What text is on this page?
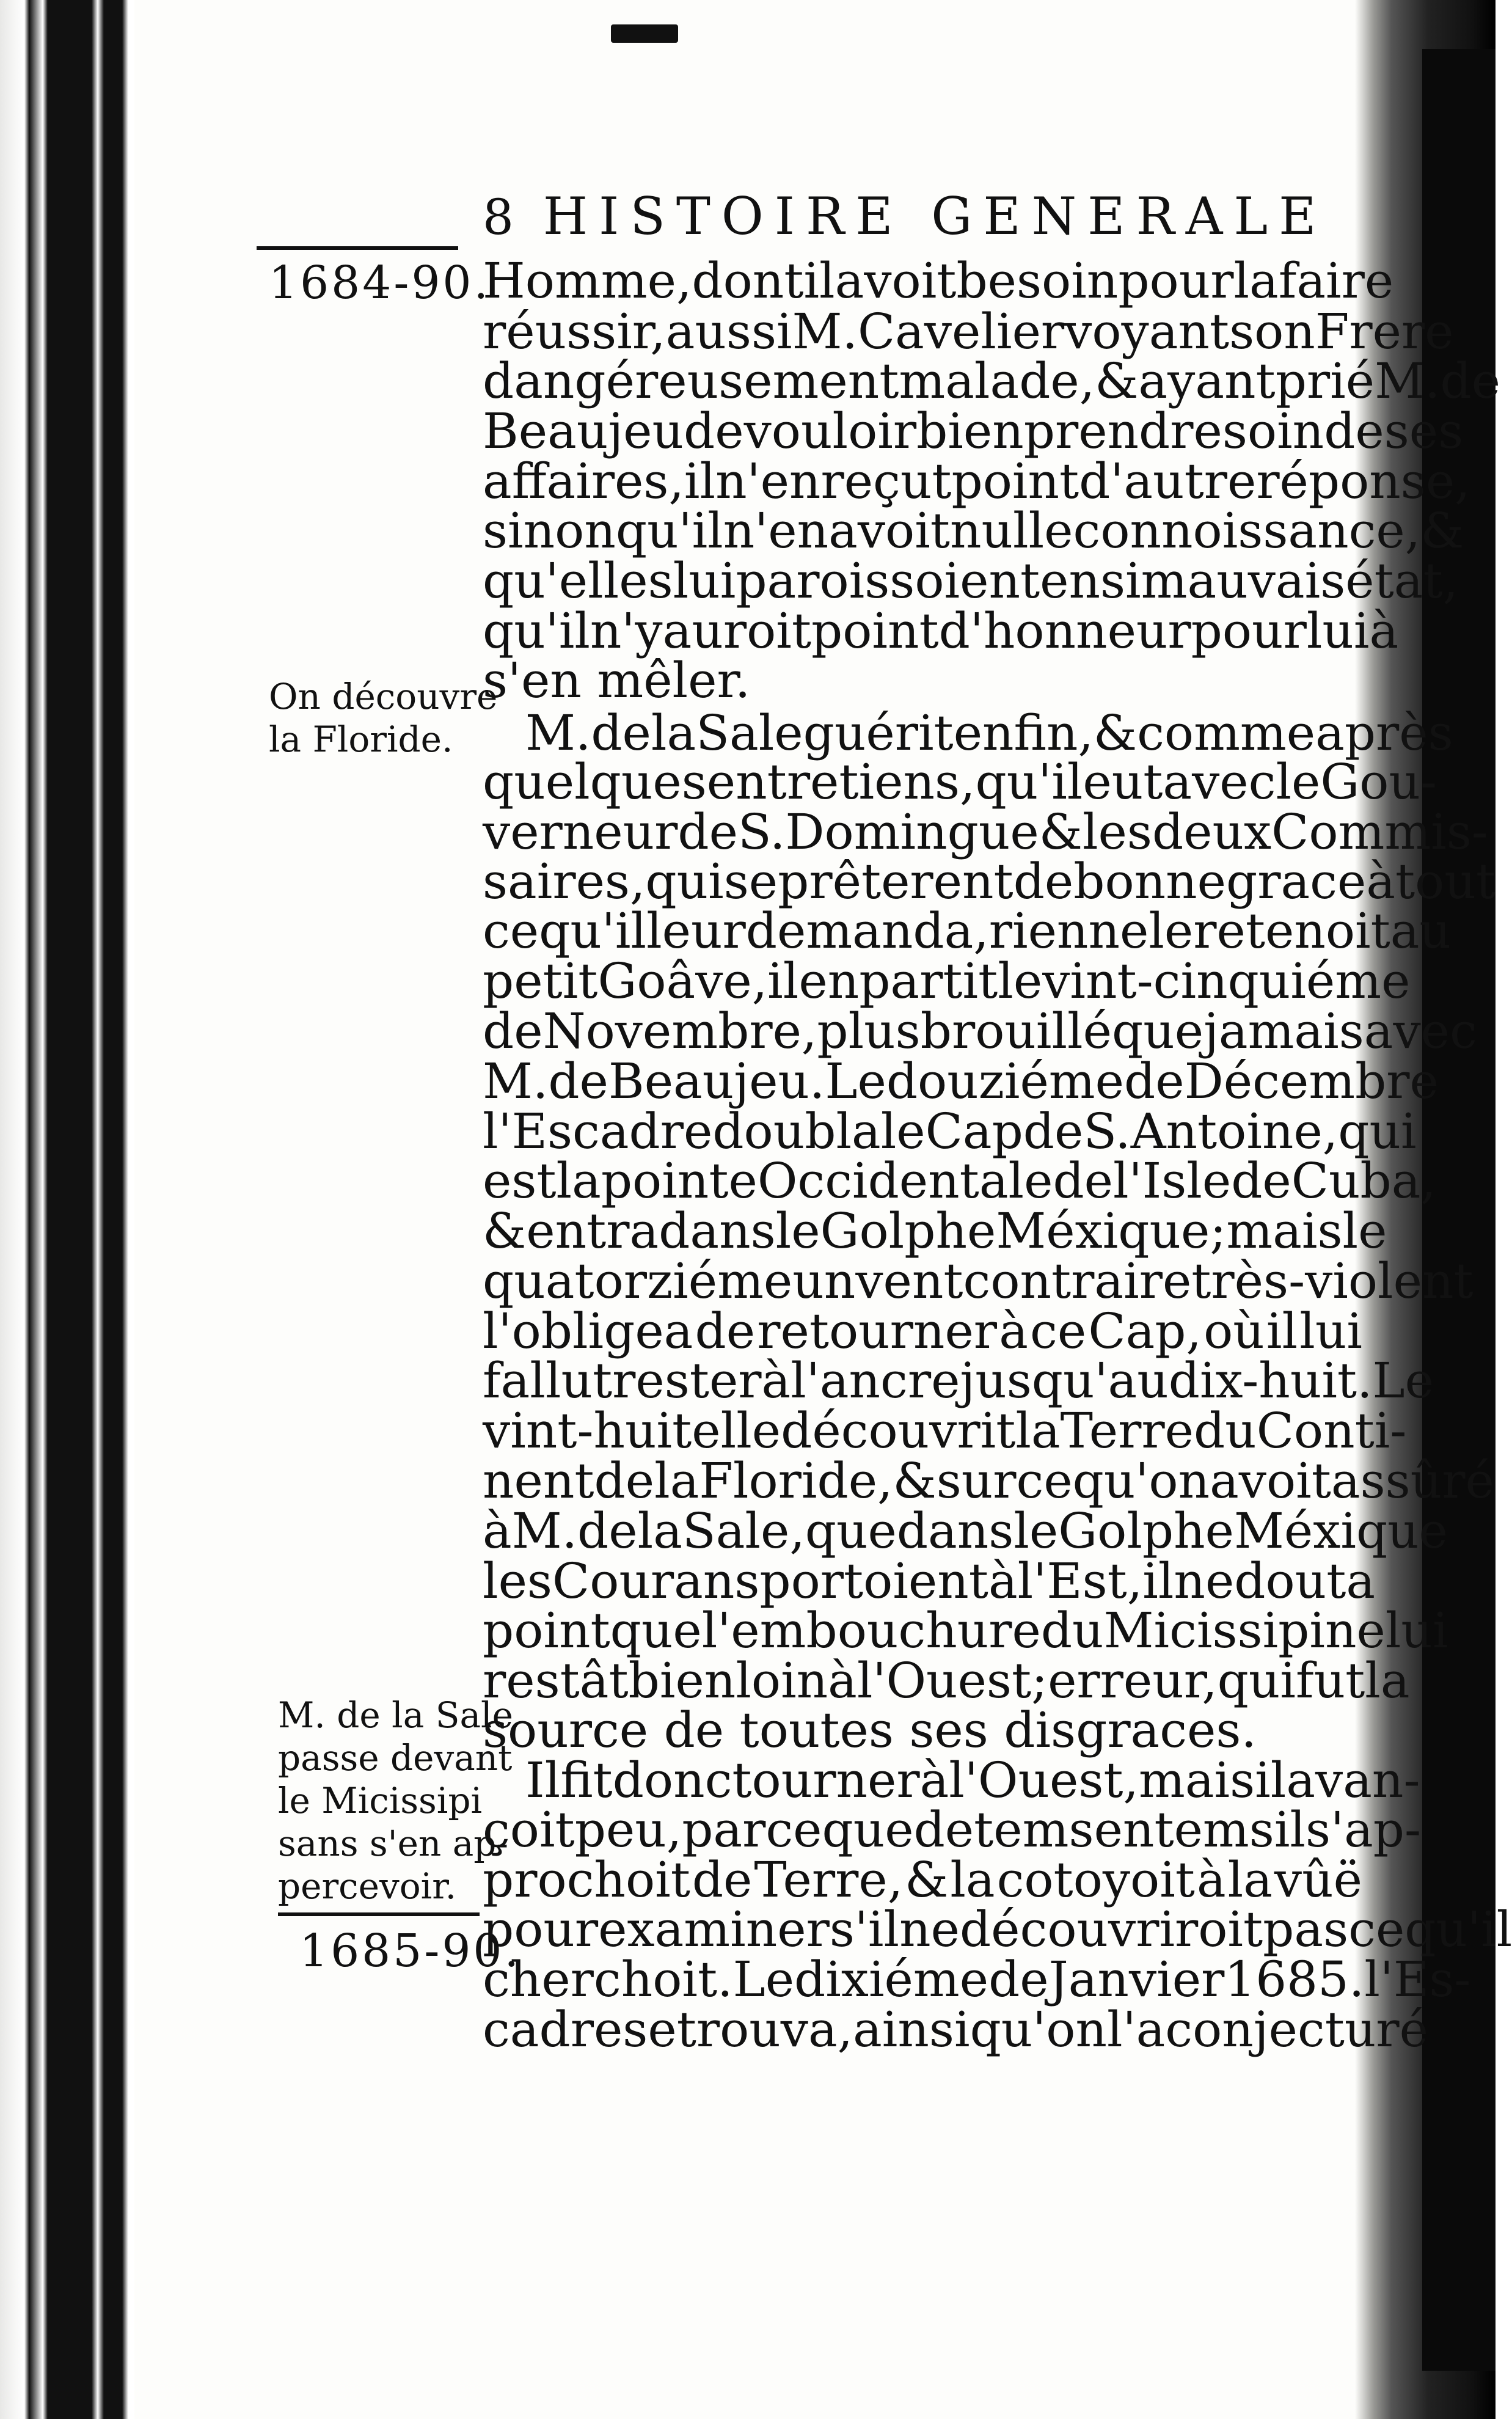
8 HISTOIRE GENERALE
1684-90.
On découvre
la Floride.
M. de la Sale
passe devant
le Micissipi
sans s'en ap-
percevoir.
1685-90.
Homme, dont il avoit besoin pour la faire
réussir, aussi M. Cavelier voyant son Frere
dangéreusement malade, & ayant prié M. de
Beaujeu de vouloir bien prendre soin de ses
affaires, il n'en reçut point d'autre réponse,
sinon qu'il n'en avoit nulle connoissance, &
qu'elles lui paroissoient en si mauvais état,
qu'il n'y auroit point d'honneur pour lui à
s'en mêler.
M. de la Sale guérit enfin, & comme après
quelques entretiens, qu'il eut avec le Gou-
verneur de S. Domingue & les deux Commis-
saires, qui se prêterent de bonne grace à tout
ce qu'il leur demanda, rien ne le retenoit au
petit Goâve, il en partit le vint-cinquiéme
de Novembre, plus brouillé que jamais avec
M. de Beaujeu. Le douziéme de Décembre
l'Escadre doubla le Cap de S. Antoine, qui
est la pointe Occidentale de l'Isle de Cuba,
& entra dans le Golphe Méxique; mais le
quatorziéme un vent contraire très-violent
l'obligea de retourner à ce Cap, où il lui
fallut rester à l'ancre jusqu'au dix-huit. Le
vint-huit elle découvrit la Terre du Conti-
nent de la Floride, & sur ce qu'on avoit assûré
à M. de la Sale, que dans le Golphe Méxique
les Courans portoient à l'Est, il ne douta
point que l'embouchure du Micissipi ne lui
restât bien loin à l'Ouest; erreur, qui fut la
source de toutes ses disgraces.
Il fit donc tourner à l'Ouest, mais il avan-
çoit peu, parce que de tems en tems il s'ap-
prochoit de Terre, & la cotoyoit à la vûë
pour examiner s'il ne découvriroit pas ce qu'il
cherchoit. Le dixiéme de Janvier 1685. l'Es-
cadre se trouva, ainsi qu'on l'a conjecturé
